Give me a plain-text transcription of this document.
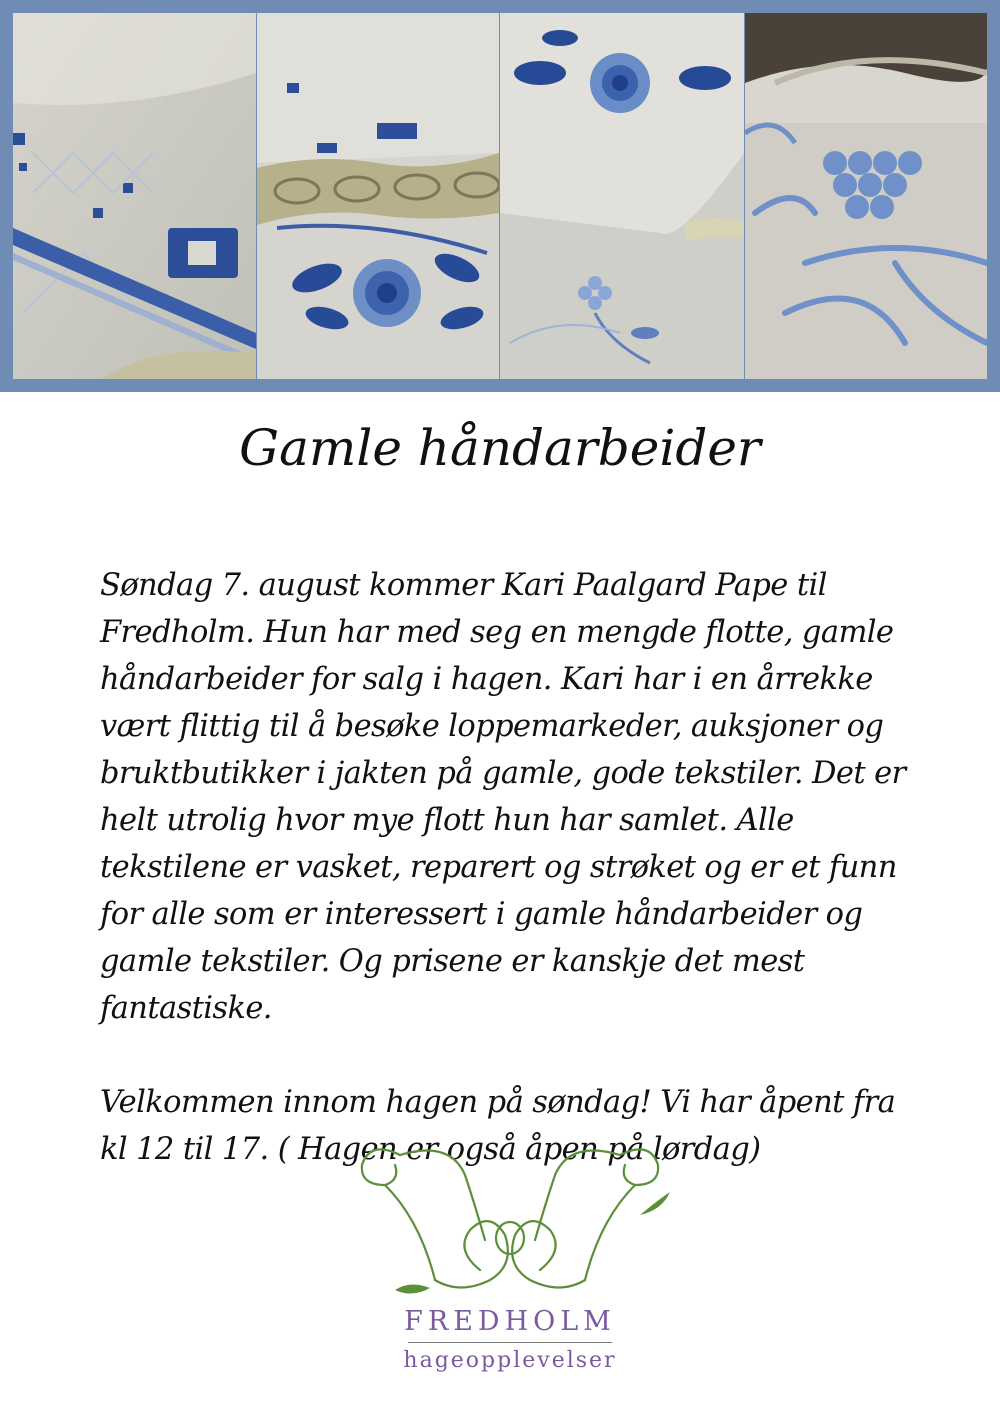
Gamle håndarbeider

Søndag 7. august kommer Kari Paalgard Pape til Fredholm. Hun har med seg en mengde flotte, gamle håndarbeider for salg i hagen. Kari har i en årrekke vært flittig til å besøke loppemarkeder, auksjoner og bruktbutikker i jakten på gamle, gode tekstiler. Det er helt utrolig hvor mye flott hun har samlet. Alle tekstilene er vasket, reparert og strøket og er et funn for alle som er interessert i gamle håndarbeider og gamle tekstiler. Og prisene er kanskje det mest fantastiske.

Velkommen innom hagen på søndag! Vi har åpent fra kl 12 til 17. ( Hagen er også åpen på lørdag)

FREDHOLM
hageopplevelser
